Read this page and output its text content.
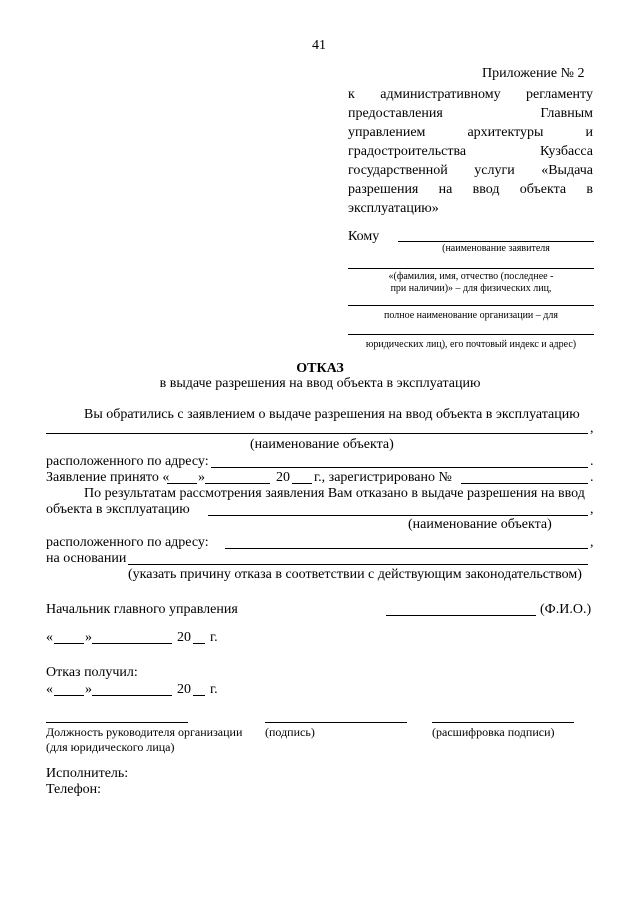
41
Приложение № 2
к административному регламенту
предоставления Главным
управлением архитектуры и
градостроительства Кузбасса
государственной услуги «Выдача
разрешения на ввод объекта в
эксплуатацию»
Кому
(наименование заявителя
«(фамилия, имя, отчество (последнее -
при наличии)» – для физических лиц,
полное наименование организации – для
юридических лиц), его почтовый индекс и адрес)
ОТКАЗ
в выдаче разрешения на ввод объекта в эксплуатацию
Вы обратились с заявлением о выдаче разрешения на ввод объекта в эксплуатацию
,
(наименование объекта)
расположенного по адресу:	.
Заявление принято « »	20 г., зарегистрировано №	.
По результатам рассмотрения заявления Вам отказано в выдаче разрешения на ввод
объекта в эксплуатацию	,
(наименование объекта)
расположенного по адресу:	,
на основании
(указать причину отказа в соответствии с действующим законодательством)
Начальник главного управления	(Ф.И.О.)
« »	20 г.
Отказ получил:
« »	20 г.
Должность руководителя организации
(для юридического лица)
(подпись)	(расшифровка подписи)
Исполнитель:
Телефон:
